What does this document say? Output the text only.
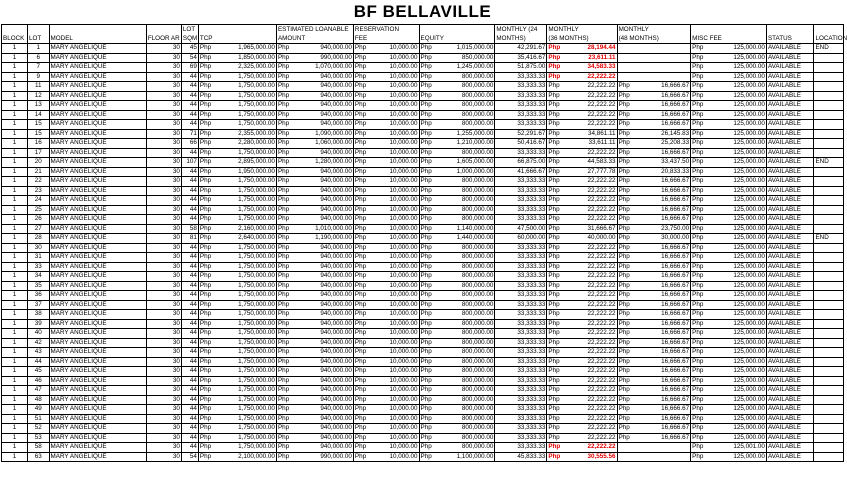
BF BELLAVILLE
				LOT			ESTIMATED LOANABLE		RESERVATION				MONTHLY (24	MONTHLY		MONTHLY					
BLOCK	LOT	MODEL	FLOOR AR	SQM	TCP		AMOUNT		FEE		EQUITY		MONTHS)	(36 MONTHS)		(48 MONTHS)		MISC FEE		STATUS	LOCATION
1	1	MARY ANGELIQUE	30	45	Php	1,965,000.00	Php	940,000.00	Php	10,000.00	Php	1,015,000.00	42,291.67	Php	28,194.44			Php	125,000.00	AVAILABLE	END
1	6	MARY ANGELIQUE	30	54	Php	1,850,000.00	Php	990,000.00	Php	10,000.00	Php	850,000.00	35,416.67	Php	23,611.11			Php	125,000.00	AVAILABLE	
1	7	MARY ANGELIQUE	30	69	Php	2,325,000.00	Php	1,070,000.00	Php	10,000.00	Php	1,245,000.00	51,875.00	Php	34,583.33			Php	125,000.00	AVAILABLE	
1	9	MARY ANGELIQUE	30	44	Php	1,750,000.00	Php	940,000.00	Php	10,000.00	Php	800,000.00	33,333.33	Php	22,222.22			Php	125,000.00	AVAILABLE	
1	11	MARY ANGELIQUE	30	44	Php	1,750,000.00	Php	940,000.00	Php	10,000.00	Php	800,000.00	33,333.33	Php	22,222.22	Php	16,666.67	Php	125,000.00	AVAILABLE	
1	12	MARY ANGELIQUE	30	44	Php	1,750,000.00	Php	940,000.00	Php	10,000.00	Php	800,000.00	33,333.33	Php	22,222.22	Php	16,666.67	Php	125,000.00	AVAILABLE	
1	13	MARY ANGELIQUE	30	44	Php	1,750,000.00	Php	940,000.00	Php	10,000.00	Php	800,000.00	33,333.33	Php	22,222.22	Php	16,666.67	Php	125,000.00	AVAILABLE	
1	14	MARY ANGELIQUE	30	44	Php	1,750,000.00	Php	940,000.00	Php	10,000.00	Php	800,000.00	33,333.33	Php	22,222.22	Php	16,666.67	Php	125,000.00	AVAILABLE	
1	15	MARY ANGELIQUE	30	44	Php	1,750,000.00	Php	940,000.00	Php	10,000.00	Php	800,000.00	33,333.33	Php	22,222.22	Php	16,666.67	Php	125,000.00	AVAILABLE	
1	15	MARY ANGELIQUE	30	71	Php	2,355,000.00	Php	1,090,000.00	Php	10,000.00	Php	1,255,000.00	52,291.67	Php	34,861.11	Php	26,145.83	Php	125,000.00	AVAILABLE	
1	16	MARY ANGELIQUE	30	66	Php	2,280,000.00	Php	1,060,000.00	Php	10,000.00	Php	1,210,000.00	50,416.67	Php	33,611.11	Php	25,208.33	Php	125,000.00	AVAILABLE	
1	17	MARY ANGELIQUE	30	44	Php	1,750,000.00	Php	940,000.00	Php	10,000.00	Php	800,000.00	33,333.33	Php	22,222.22	Php	16,666.67	Php	125,000.00	AVAILABLE	
1	20	MARY ANGELIQUE	30	107	Php	2,895,000.00	Php	1,280,000.00	Php	10,000.00	Php	1,605,000.00	66,875.00	Php	44,583.33	Php	33,437.50	Php	125,000.00	AVAILABLE	END
1	21	MARY ANGELIQUE	30	44	Php	1,950,000.00	Php	940,000.00	Php	10,000.00	Php	1,000,000.00	41,666.67	Php	27,777.78	Php	20,833.33	Php	125,000.00	AVAILABLE	
1	22	MARY ANGELIQUE	30	44	Php	1,750,000.00	Php	940,000.00	Php	10,000.00	Php	800,000.00	33,333.33	Php	22,222.22	Php	16,666.67	Php	125,000.00	AVAILABLE	
1	23	MARY ANGELIQUE	30	44	Php	1,750,000.00	Php	940,000.00	Php	10,000.00	Php	800,000.00	33,333.33	Php	22,222.22	Php	16,666.67	Php	125,000.00	AVAILABLE	
1	24	MARY ANGELIQUE	30	44	Php	1,750,000.00	Php	940,000.00	Php	10,000.00	Php	800,000.00	33,333.33	Php	22,222.22	Php	16,666.67	Php	125,000.00	AVAILABLE	
1	25	MARY ANGELIQUE	30	44	Php	1,750,000.00	Php	940,000.00	Php	10,000.00	Php	800,000.00	33,333.33	Php	22,222.22	Php	16,666.67	Php	125,000.00	AVAILABLE	
1	26	MARY ANGELIQUE	30	44	Php	1,750,000.00	Php	940,000.00	Php	10,000.00	Php	800,000.00	33,333.33	Php	22,222.22	Php	16,666.67	Php	125,000.00	AVAILABLE	
1	27	MARY ANGELIQUE	30	58	Php	2,160,000.00	Php	1,010,000.00	Php	10,000.00	Php	1,140,000.00	47,500.00	Php	31,666.67	Php	23,750.00	Php	125,000.00	AVAILABLE	
1	28	MARY ANGELIQUE	30	81	Php	2,640,000.00	Php	1,190,000.00	Php	10,000.00	Php	1,440,000.00	60,000.00	Php	40,000.00	Php	30,000.00	Php	125,000.00	AVAILABLE	END
1	30	MARY ANGELIQUE	30	44	Php	1,750,000.00	Php	940,000.00	Php	10,000.00	Php	800,000.00	33,333.33	Php	22,222.22	Php	16,666.67	Php	125,000.00	AVAILABLE	
1	31	MARY ANGELIQUE	30	44	Php	1,750,000.00	Php	940,000.00	Php	10,000.00	Php	800,000.00	33,333.33	Php	22,222.22	Php	16,666.67	Php	125,000.00	AVAILABLE	
1	33	MARY ANGELIQUE	30	44	Php	1,750,000.00	Php	940,000.00	Php	10,000.00	Php	800,000.00	33,333.33	Php	22,222.22	Php	16,666.67	Php	125,000.00	AVAILABLE	
1	34	MARY ANGELIQUE	30	44	Php	1,750,000.00	Php	940,000.00	Php	10,000.00	Php	800,000.00	33,333.33	Php	22,222.22	Php	16,666.67	Php	125,000.00	AVAILABLE	
1	35	MARY ANGELIQUE	30	44	Php	1,750,000.00	Php	940,000.00	Php	10,000.00	Php	800,000.00	33,333.33	Php	22,222.22	Php	16,666.67	Php	125,000.00	AVAILABLE	
1	36	MARY ANGELIQUE	30	44	Php	1,750,000.00	Php	940,000.00	Php	10,000.00	Php	800,000.00	33,333.33	Php	22,222.22	Php	16,666.67	Php	125,000.00	AVAILABLE	
1	37	MARY ANGELIQUE	30	44	Php	1,750,000.00	Php	940,000.00	Php	10,000.00	Php	800,000.00	33,333.33	Php	22,222.22	Php	16,666.67	Php	125,000.00	AVAILABLE	
1	38	MARY ANGELIQUE	30	44	Php	1,750,000.00	Php	940,000.00	Php	10,000.00	Php	800,000.00	33,333.33	Php	22,222.22	Php	16,666.67	Php	125,000.00	AVAILABLE	
1	39	MARY ANGELIQUE	30	44	Php	1,750,000.00	Php	940,000.00	Php	10,000.00	Php	800,000.00	33,333.33	Php	22,222.22	Php	16,666.67	Php	125,000.00	AVAILABLE	
1	40	MARY ANGELIQUE	30	44	Php	1,750,000.00	Php	940,000.00	Php	10,000.00	Php	800,000.00	33,333.33	Php	22,222.22	Php	16,666.67	Php	125,000.00	AVAILABLE	
1	42	MARY ANGELIQUE	30	44	Php	1,750,000.00	Php	940,000.00	Php	10,000.00	Php	800,000.00	33,333.33	Php	22,222.22	Php	16,666.67	Php	125,000.00	AVAILABLE	
1	43	MARY ANGELIQUE	30	44	Php	1,750,000.00	Php	940,000.00	Php	10,000.00	Php	800,000.00	33,333.33	Php	22,222.22	Php	16,666.67	Php	125,000.00	AVAILABLE	
1	44	MARY ANGELIQUE	30	44	Php	1,750,000.00	Php	940,000.00	Php	10,000.00	Php	800,000.00	33,333.33	Php	22,222.22	Php	16,666.67	Php	125,000.00	AVAILABLE	
1	45	MARY ANGELIQUE	30	44	Php	1,750,000.00	Php	940,000.00	Php	10,000.00	Php	800,000.00	33,333.33	Php	22,222.22	Php	16,666.67	Php	125,000.00	AVAILABLE	
1	46	MARY ANGELIQUE	30	44	Php	1,750,000.00	Php	940,000.00	Php	10,000.00	Php	800,000.00	33,333.33	Php	22,222.22	Php	16,666.67	Php	125,000.00	AVAILABLE	
1	47	MARY ANGELIQUE	30	44	Php	1,750,000.00	Php	940,000.00	Php	10,000.00	Php	800,000.00	33,333.33	Php	22,222.22	Php	16,666.67	Php	125,000.00	AVAILABLE	
1	48	MARY ANGELIQUE	30	44	Php	1,750,000.00	Php	940,000.00	Php	10,000.00	Php	800,000.00	33,333.33	Php	22,222.22	Php	16,666.67	Php	125,000.00	AVAILABLE	
1	49	MARY ANGELIQUE	30	44	Php	1,750,000.00	Php	940,000.00	Php	10,000.00	Php	800,000.00	33,333.33	Php	22,222.22	Php	16,666.67	Php	125,000.00	AVAILABLE	
1	51	MARY ANGELIQUE	30	44	Php	1,750,000.00	Php	940,000.00	Php	10,000.00	Php	800,000.00	33,333.33	Php	22,222.22	Php	16,666.67	Php	125,000.00	AVAILABLE	
1	52	MARY ANGELIQUE	30	44	Php	1,750,000.00	Php	940,000.00	Php	10,000.00	Php	800,000.00	33,333.33	Php	22,222.22	Php	16,666.67	Php	125,000.00	AVAILABLE	
1	53	MARY ANGELIQUE	30	44	Php	1,750,000.00	Php	940,000.00	Php	10,000.00	Php	800,000.00	33,333.33	Php	22,222.22	Php	16,666.67	Php	125,000.00	AVAILABLE	
1	58	MARY ANGELIQUE	30	44	Php	1,750,000.00	Php	940,000.00	Php	10,000.00	Php	800,000.00	33,333.33	Php	22,222.22			Php	125,001.00	AVAILABLE	
1	63	MARY ANGELIQUE	30	54	Php	2,100,000.00	Php	990,000.00	Php	10,000.00	Php	1,100,000.00	45,833.33	Php	30,555.56			Php	125,000.00	AVAILABLE	
